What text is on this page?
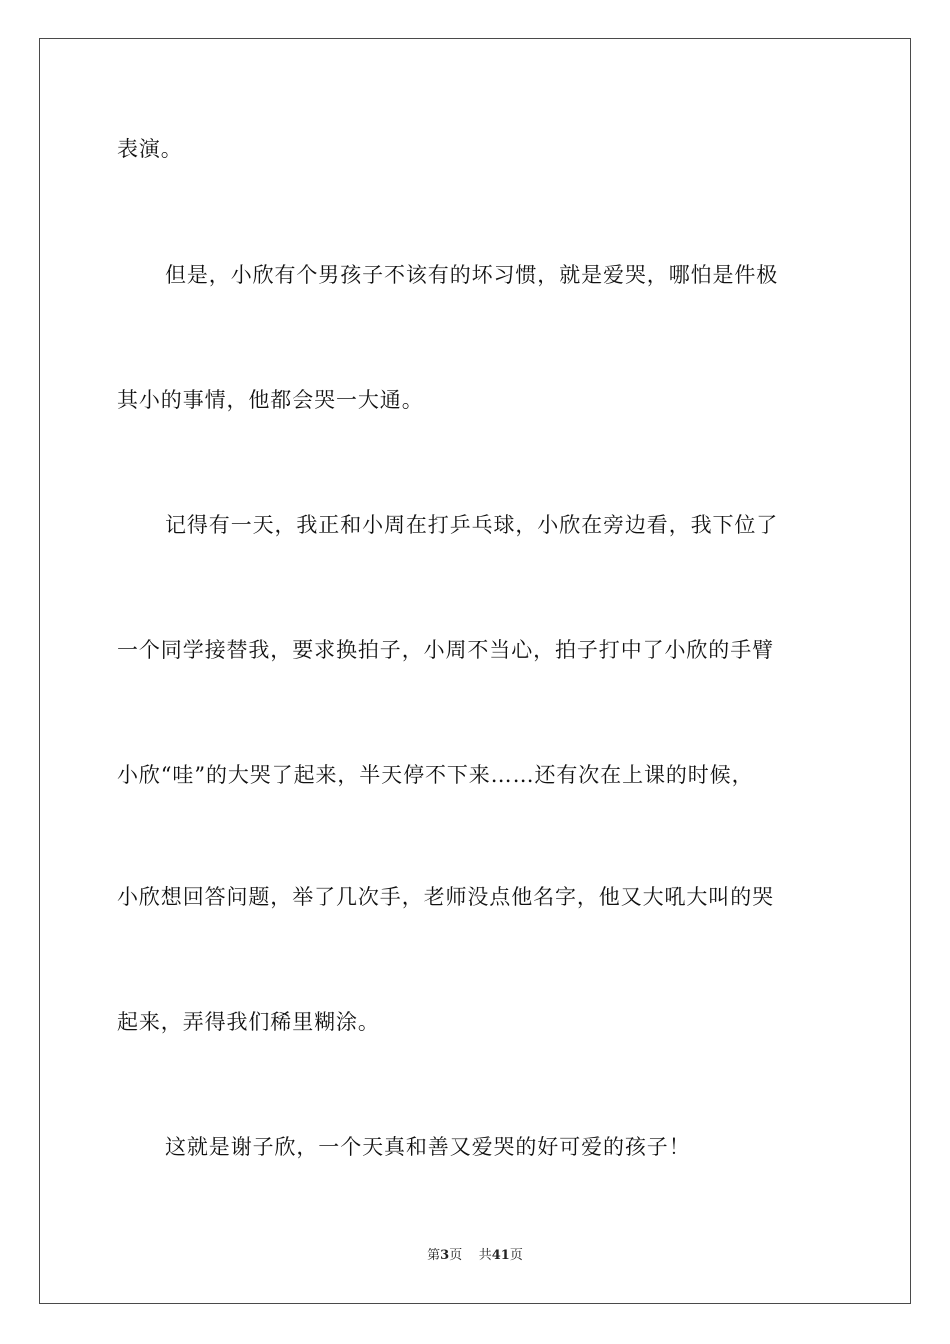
表演。
但是，小欣有个男孩子不该有的坏习惯，就是爱哭，哪怕是件极
其小的事情，他都会哭一大通。
记得有一天，我正和小周在打乒乓球，小欣在旁边看，我下位了
一个同学接替我，要求换拍子，小周不当心，拍子打中了小欣的手臂
小欣“哇”的大哭了起来，半天停不下来……还有次在上课的时候，
小欣想回答问题，举了几次手，老师没点他名字，他又大吼大叫的哭
起来，弄得我们稀里糊涂。
这就是谢子欣，一个天真和善又爱哭的好可爱的孩子！
第3页 共41页
